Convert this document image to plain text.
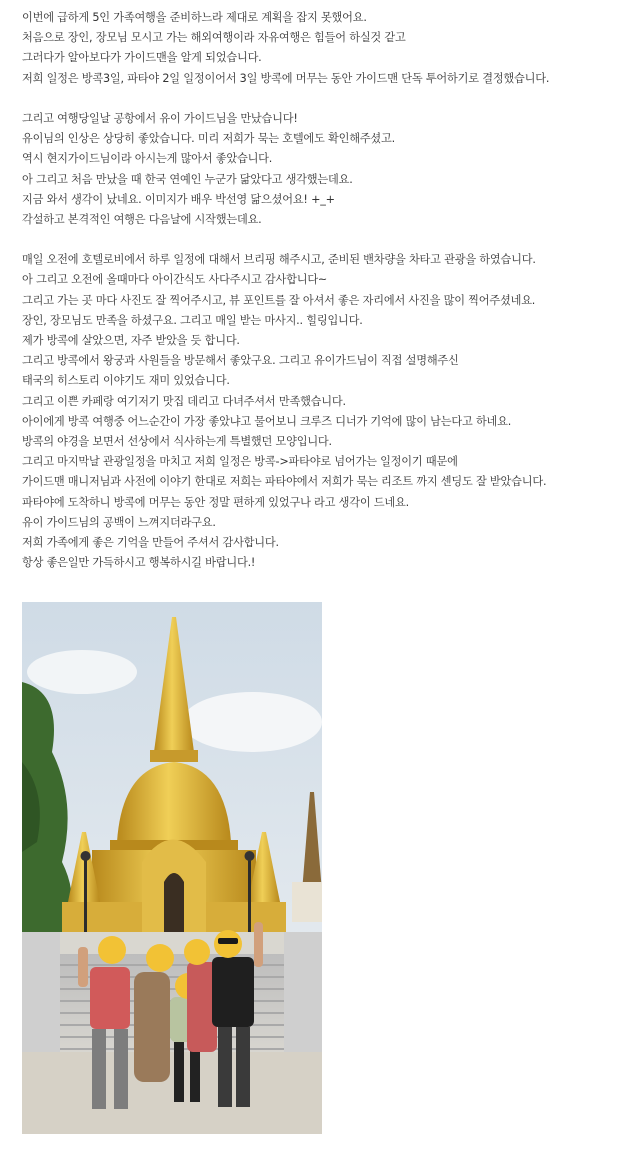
이번에 급하게 5인 가족여행을 준비하느라 제대로 계획을 잡지 못했어요.
처음으로 장인, 장모님 모시고 가는 해외여행이라 자유여행은 힘들어 하실것 같고
그러다가 알아보다가 가이드맨을 알게 되었습니다.
저희 일정은 방콕3일, 파타야 2일 일정이어서 3일 방콕에 머무는 동안 가이드맨 단독 투어하기로 결정했습니다.
그리고 여행당일날 공항에서 유이 가이드님을 만났습니다!
유이님의 인상은 상당히 좋았습니다. 미리 저희가 묵는 호텔에도 확인해주셨고.
역시 현지가이드님이라 아시는게 많아서 좋았습니다.
아 그리고 처음 만났을 때 한국 연예인 누군가 닮았다고 생각했는데요.
지금 와서 생각이 났네요. 이미지가 배우 박선영 닮으셨어요! +_+
각설하고 본격적인 여행은 다음날에 시작했는데요.
매일 오전에 호텔로비에서 하루 일정에 대해서 브리핑 해주시고, 준비된 밴차량을 차타고 관광을 하였습니다.
아 그리고 오전에 올때마다 아이간식도 사다주시고 감사합니다~
그리고 가는 곳 마다 사진도 잘 찍어주시고, 뷰 포인트를 잘 아셔서 좋은 자리에서 사진을 많이 찍어주셨네요.
장인, 장모님도 만족을 하셨구요. 그리고 매일 받는 마사지.. 힐링입니다.
제가 방콕에 살았으면, 자주 받았을 듯 합니다.
그리고 방콕에서 왕궁과 사원들을 방문해서 좋았구요. 그리고 유이가드님이 직접 설명해주신
태국의 히스토리 이야기도 재미 있었습니다.
그리고 이쁜 카페랑 여기저기 맛집 데리고 다녀주셔서 만족했습니다.
아이에게 방콕 여행중 어느순간이 가장 좋았냐고 물어보니 크루즈 디너가 기억에 많이 남는다고 하네요.
방콕의 야경을 보면서 선상에서 식사하는게 특별했던 모양입니다.
그리고 마지막날 관광일정을 마치고 저희 일정은 방콕->파타야로 넘어가는 일정이기 때문에
가이드맨 매니저님과 사전에 이야기 한대로 저희는 파타야에서 저희가 묵는 리조트 까지 센딩도 잘 받았습니다.
파타야에 도착하니 방콕에 머무는 동안 정말 편하게 있었구나 라고 생각이 드네요.
유이 가이드님의 공백이 느껴지더라구요.
저희 가족에게 좋은 기억을 만들어 주셔서 감사합니다.
항상 좋은일만 가득하시고 행복하시길 바랍니다.!
